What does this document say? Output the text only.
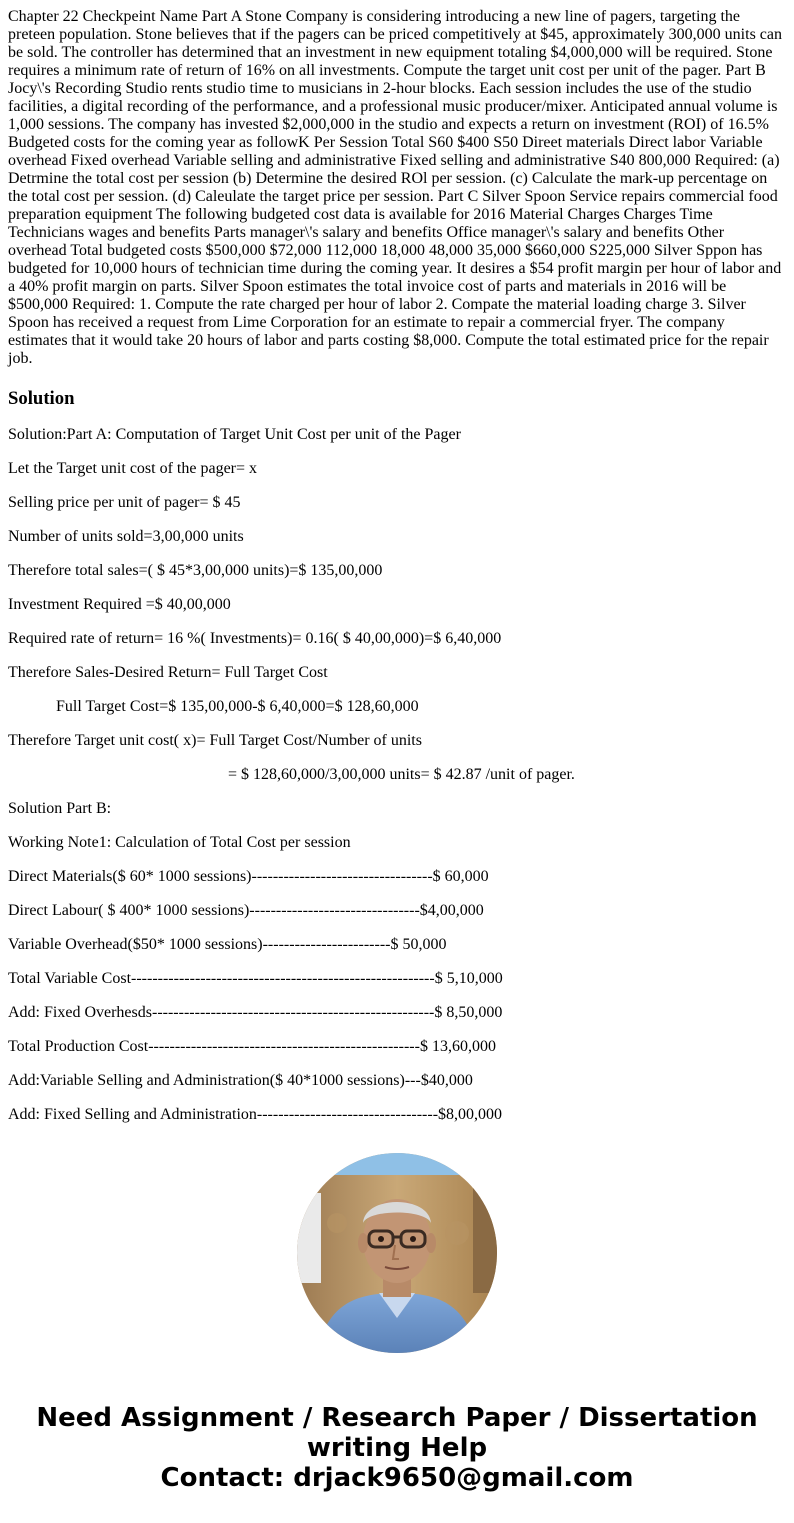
Chapter 22 Checkpeint Name Part A Stone Company is considering introducing a new line of pagers, targeting the preteen population. Stone believes that if the pagers can be priced competitively at $45, approximately 300,000 units can be sold. The controller has determined that an investment in new equipment totaling $4,000,000 will be required. Stone requires a minimum rate of return of 16% on all investments. Compute the target unit cost per unit of the pager. Part B Jocy\'s Recording Studio rents studio time to musicians in 2-hour blocks. Each session includes the use of the studio facilities, a digital recording of the performance, and a professional music producer/mixer. Anticipated annual volume is 1,000 sessions. The company has invested $2,000,000 in the studio and expects a return on investment (ROI) of 16.5% Budgeted costs for the coming year as followK Per Session Total S60 $400 S50 Direet materials Direct labor Variable overhead Fixed overhead Variable selling and administrative Fixed selling and administrative S40 800,000 Required: (a) Detrmine the total cost per session (b) Determine the desired ROl per session. (c) Calculate the mark-up percentage on the total cost per session. (d) Caleulate the target price per session. Part C Silver Spoon Service repairs commercial food preparation equipment The following budgeted cost data is available for 2016 Material Charges Charges Time Technicians wages and benefits Parts manager\'s salary and benefits Office manager\'s salary and benefits Other overhead Total budgeted costs $500,000 $72,000 112,000 18,000 48,000 35,000 $660,000 S225,000 Silver Sppon has budgeted for 10,000 hours of technician time during the coming year. It desires a $54 profit margin per hour of labor and a 40% profit margin on parts. Silver Spoon estimates the total invoice cost of parts and materials in 2016 will be $500,000 Required: 1. Compute the rate charged per hour of labor 2. Compate the material loading charge 3. Silver Spoon has received a request from Lime Corporation for an estimate to repair a commercial fryer. The company estimates that it would take 20 hours of labor and parts costing $8,000. Compute the total estimated price for the repair job.

Solution

Solution:Part A: Computation of Target Unit Cost per unit of the Pager

Let the Target unit cost of the pager= x

Selling price per unit of pager= $ 45

Number of units sold=3,00,000 units

Therefore total sales=( $ 45*3,00,000 units)=$ 135,00,000

Investment Required =$ 40,00,000

Required rate of return= 16 %( Investments)= 0.16( $ 40,00,000)=$ 6,40,000

Therefore Sales-Desired Return= Full Target Cost

Full Target Cost=$ 135,00,000-$ 6,40,000=$ 128,60,000

Therefore Target unit cost( x)= Full Target Cost/Number of units

= $ 128,60,000/3,00,000 units= $ 42.87 /unit of pager.

Solution Part B:

Working Note1: Calculation of Total Cost per session

Direct Materials($ 60* 1000 sessions)----------------------------------$ 60,000

Direct Labour( $ 400* 1000 sessions)--------------------------------$4,00,000

Variable Overhead($50* 1000 sessions)------------------------$ 50,000

Total Variable Cost---------------------------------------------------------$ 5,10,000

Add: Fixed Overhesds-----------------------------------------------------$ 8,50,000

Total Production Cost---------------------------------------------------$ 13,60,000

Add:Variable Selling and Administration($ 40*1000 sessions)---$40,000

Add: Fixed Selling and Administration----------------------------------$8,00,000

Need Assignment / Research Paper / Dissertation
writing Help
Contact: drjack9650@gmail.com
